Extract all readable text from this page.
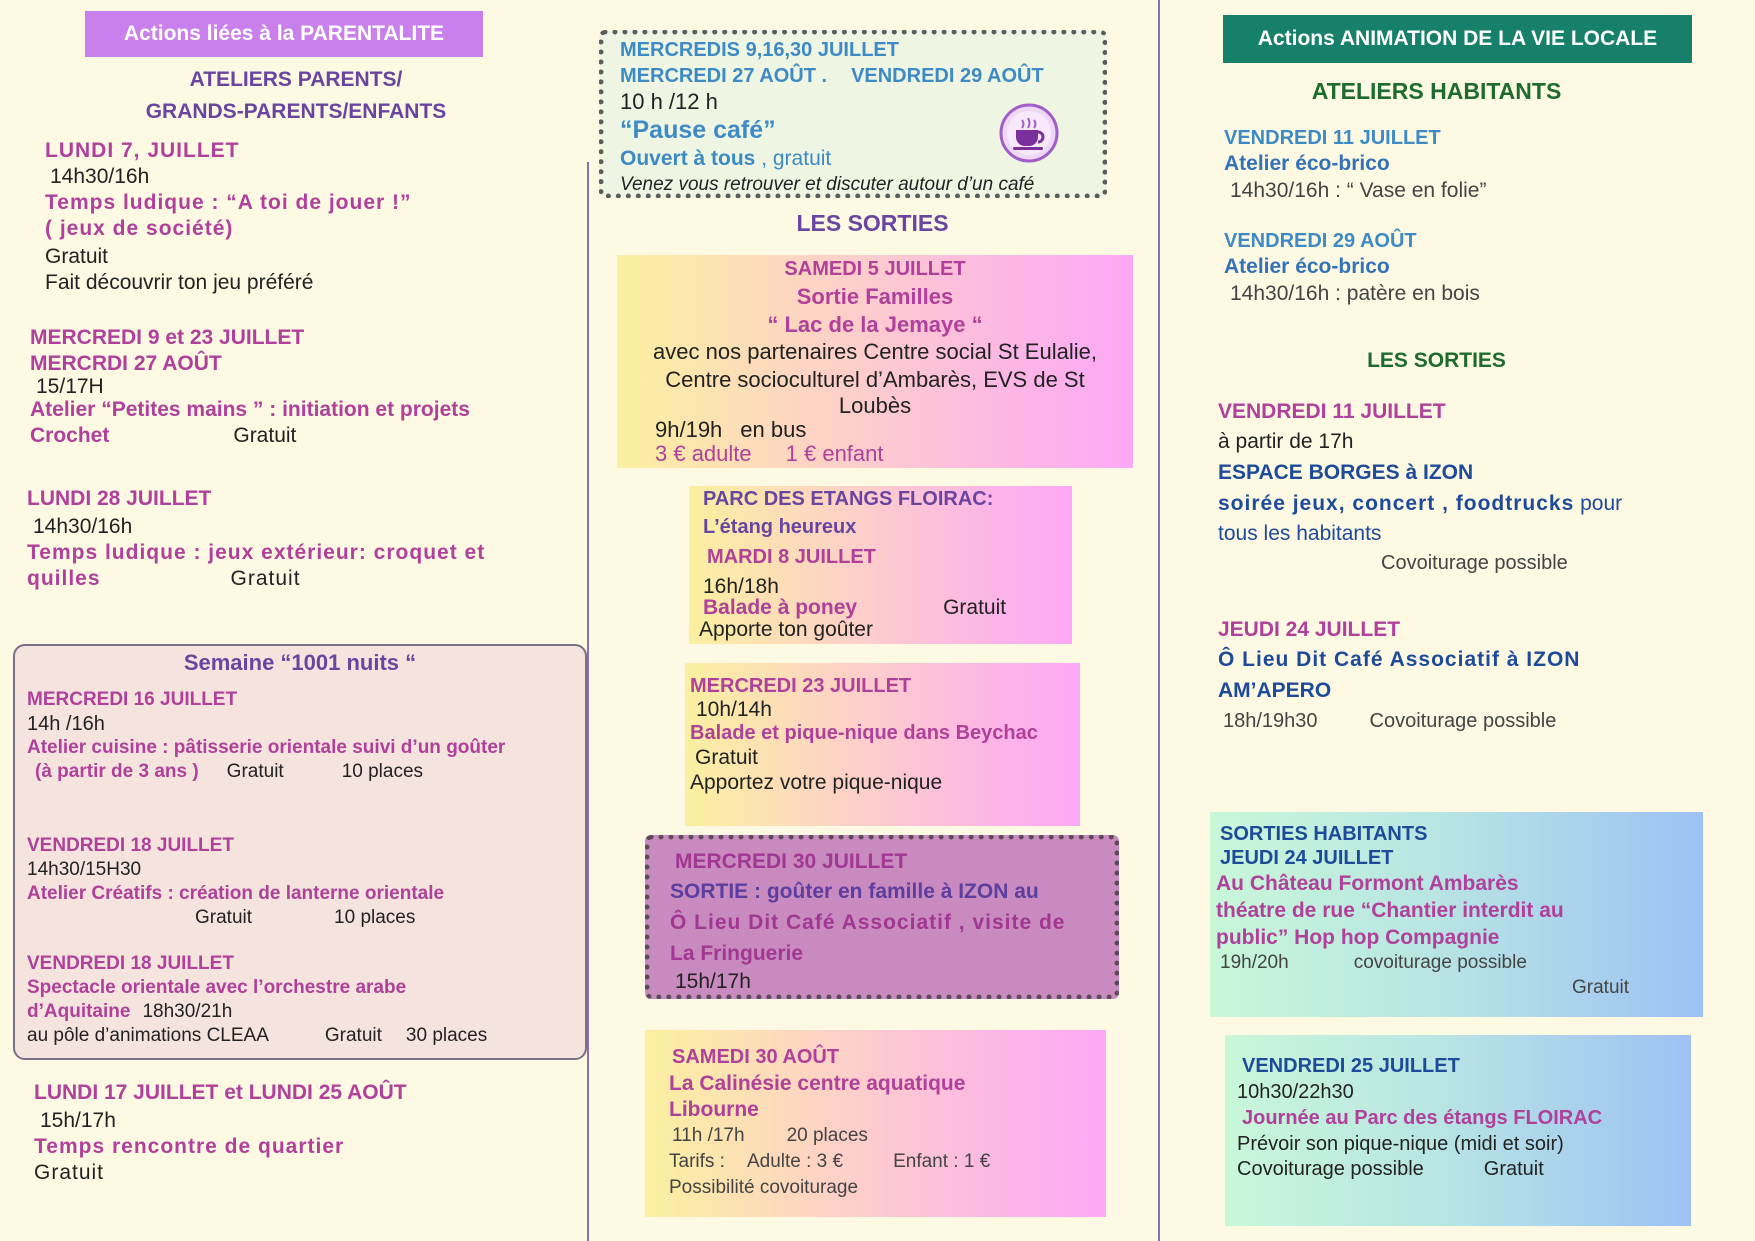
Actions liées à la PARENTALITE
ATELIERS PARENTS/
GRANDS-PARENTS/ENFANTS
LUNDI 7, JUILLET
14h30/16h
Temps ludique : “A toi de jouer !”
( jeux de société)
Gratuit
Fait découvrir ton jeu préféré
MERCREDI 9 et 23 JUILLET
MERCRDI 27 AOÛT
15/17H
Atelier “Petites mains ” : initiation et projets
Crochet	Gratuit
LUNDI 28 JUILLET
14h30/16h
Temps ludique : jeux extérieur: croquet et
quilles	Gratuit
Semaine “1001 nuits “
MERCREDI 16 JUILLET
14h /16h
Atelier cuisine : pâtisserie orientale suivi d’un goûter
(à partir de 3 ans ) Gratuit	10 places
VENDREDI 18 JUILLET
14h30/15H30
Atelier Créatifs : création de lanterne orientale
Gratuit	10 places
VENDREDI 18 JUILLET
Spectacle orientale avec l’orchestre arabe
d’Aquitaine 18h30/21h
au pôle d’animations CLEAA	Gratuit 30 places
LUNDI 17 JUILLET et LUNDI 25 AOÛT
15h/17h
Temps rencontre de quartier
Gratuit
MERCREDIS 9,16,30 JUILLET
MERCREDI 27 AOÛT . VENDREDI 29 AOÛT
10 h /12 h
“Pause café”
Ouvert à tous , gratuit
Venez vous retrouver et discuter autour d’un café
LES SORTIES
SAMEDI 5 JUILLET
Sortie Familles
“ Lac de la Jemaye “
avec nos partenaires Centre social St Eulalie,
Centre socioculturel d’Ambarès, EVS de St
Loubès
9h/19h en bus
3 € adulte 1 € enfant
PARC DES ETANGS FLOIRAC:
L’étang heureux
MARDI 8 JUILLET
16h/18h
Balade à poney	Gratuit
Apporte ton goûter
MERCREDI 23 JUILLET
10h/14h
Balade et pique-nique dans Beychac
Gratuit
Apportez votre pique-nique
MERCREDI 30 JUILLET
SORTIE : goûter en famille à IZON au
Ô Lieu Dit Café Associatif , visite de
La Fringuerie
15h/17h
SAMEDI 30 AOÛT
La Calinésie centre aquatique
Libourne
11h /17h 20 places
Tarifs : Adulte : 3 €	Enfant : 1 €
Possibilité covoiturage
Actions ANIMATION DE LA VIE LOCALE
ATELIERS HABITANTS
VENDREDI 11 JUILLET
Atelier éco-brico
14h30/16h : “ Vase en folie”
VENDREDI 29 AOÛT
Atelier éco-brico
14h30/16h : patère en bois
LES SORTIES
VENDREDI 11 JUILLET
à partir de 17h
ESPACE BORGES à IZON
soirée jeux, concert , foodtrucks pour
tous les habitants
Covoiturage possible
JEUDI 24 JUILLET
Ô Lieu Dit Café Associatif à IZON
AM’APERO
18h/19h30	Covoiturage possible
SORTIES HABITANTS
JEUDI 24 JUILLET
Au Château Formont Ambarès
théatre de rue “Chantier interdit au
public” Hop hop Compagnie
19h/20h	covoiturage possible
Gratuit
VENDREDI 25 JUILLET
10h30/22h30
Journée au Parc des étangs FLOIRAC
Prévoir son pique-nique (midi et soir)
Covoiturage possible	Gratuit
